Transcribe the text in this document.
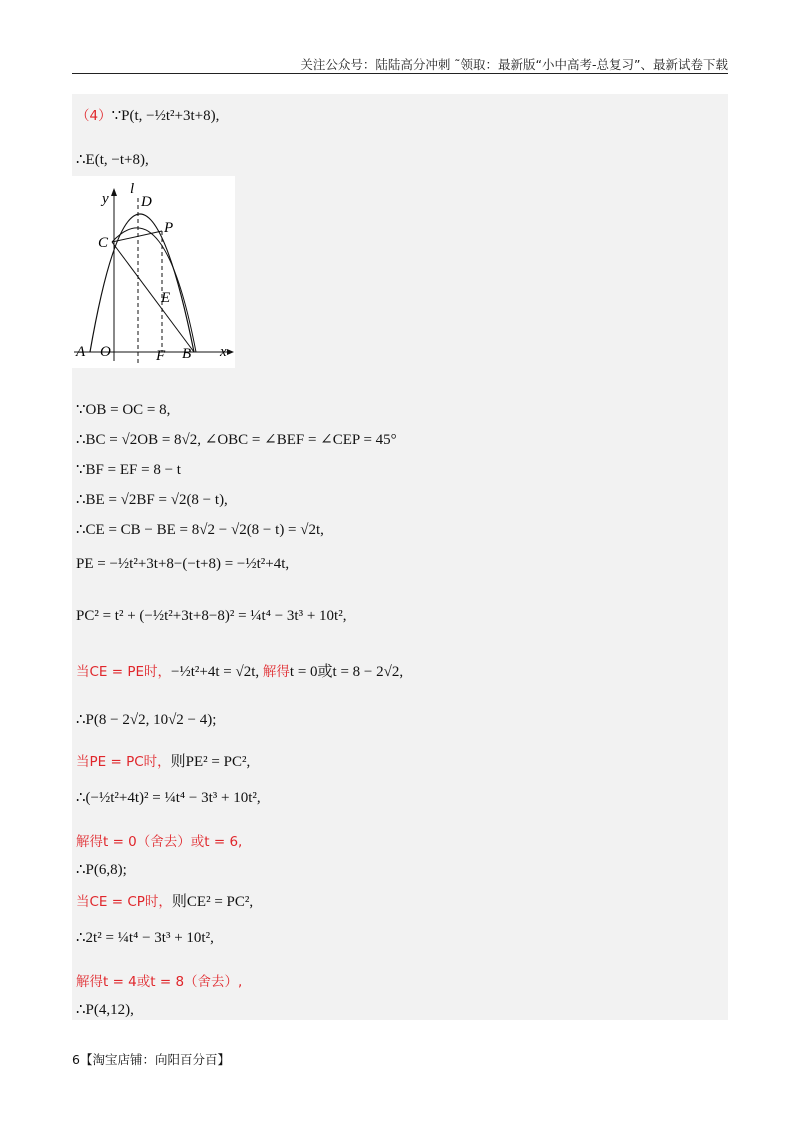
关注公众号：陆陆高分冲刺 ˜领取：最新版“小中高考-总复习”、最新试卷下载
（4）∵P(t, −½t²+3t+8),
∴E(t, −t+8),
∵OB = OC = 8,
∴BC = √2OB = 8√2, ∠OBC = ∠BEF = ∠CEP = 45°
∵BF = EF = 8 − t
∴BE = √2BF = √2(8 − t),
∴CE = CB − BE = 8√2 − √2(8 − t) = √2t,
PE = −½t²+3t+8−(−t+8) = −½t²+4t,
PC² = t² + (−½t²+3t+8−8)² = ¼t⁴ − 3t³ + 10t²,
当CE = PE时，−½t²+4t = √2t, 解得t = 0或t = 8 − 2√2,
∴P(8 − 2√2, 10√2 − 4);
当PE = PC时，则PE² = PC²,
∴(−½t²+4t)² = ¼t⁴ − 3t³ + 10t²,
解得t = 0（舍去）或t = 6,
∴P(6,8);
当CE = CP时，则CE² = PC²,
∴2t² = ¼t⁴ − 3t³ + 10t²,
解得t = 4或t = 8（舍去）,
∴P(4,12),
y
l
D
P
C
E
A O	F B x
6【淘宝店铺：向阳百分百】
